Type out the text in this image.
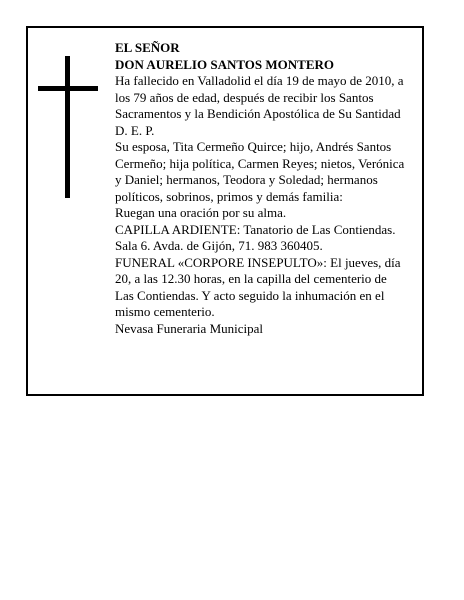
EL SEÑOR
DON AURELIO SANTOS MONTERO
Ha fallecido en Valladolid el día 19 de mayo de 2010, a
los 79 años de edad, después de recibir los Santos
Sacramentos y la Bendición Apostólica de Su Santidad
D. E. P.
Su esposa, Tita Cermeño Quirce; hijo, Andrés Santos
Cermeño; hija política, Carmen Reyes; nietos, Verónica
y Daniel; hermanos, Teodora y Soledad; hermanos
políticos, sobrinos, primos y demás familia:
Ruegan una oración por su alma.
CAPILLA ARDIENTE: Tanatorio de Las Contiendas.
Sala 6. Avda. de Gijón, 71. 983 360405.
FUNERAL «CORPORE INSEPULTO»: El jueves, día
20, a las 12.30 horas, en la capilla del cementerio de
Las Contiendas. Y acto seguido la inhumación en el
mismo cementerio.
Nevasa Funeraria Municipal
